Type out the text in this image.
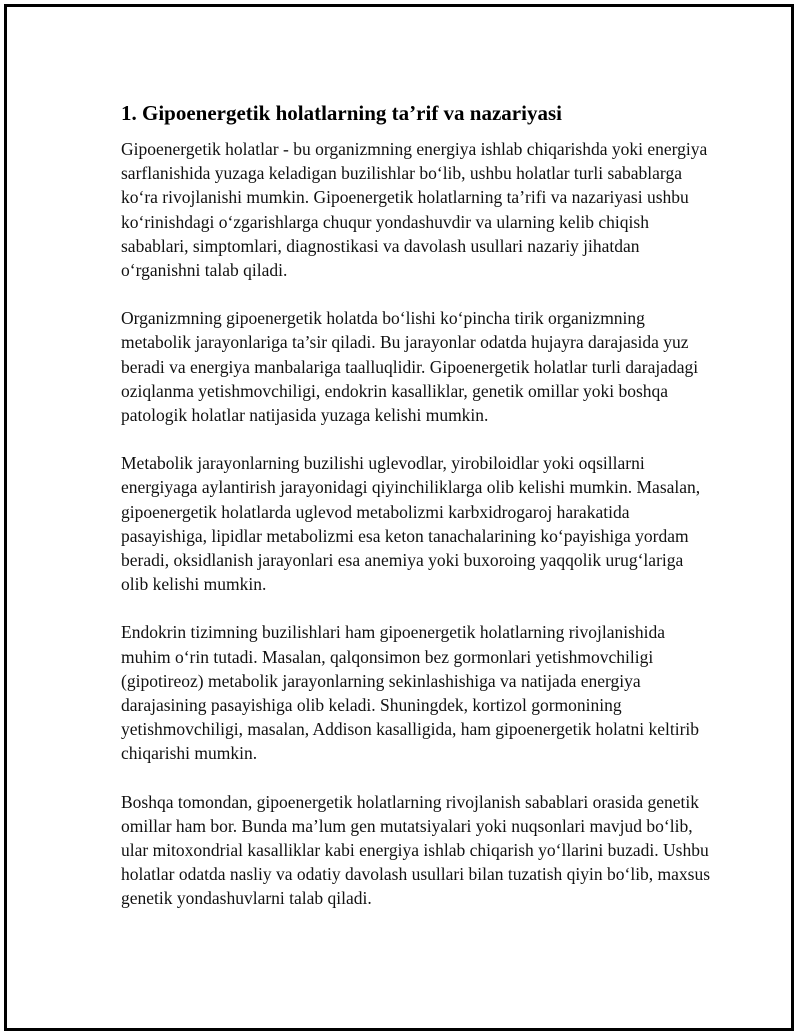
1. Gipoenergetik holatlarning ta’rif va nazariyasi

Gipoenergetik holatlar - bu organizmning energiya ishlab chiqarishda yoki energiya sarflanishida yuzaga keladigan buzilishlar bo‘lib, ushbu holatlar turli sabablarga ko‘ra rivojlanishi mumkin. Gipoenergetik holatlarning ta’rifi va nazariyasi ushbu ko‘rinishdagi o‘zgarishlarga chuqur yondashuvdir va ularning kelib chiqish sabablari, simptomlari, diagnostikasi va davolash usullari nazariy jihatdan o‘rganishni talab qiladi.

Organizmning gipoenergetik holatda bo‘lishi ko‘pincha tirik organizmning metabolik jarayonlariga ta’sir qiladi. Bu jarayonlar odatda hujayra darajasida yuz beradi va energiya manbalariga taalluqlidir. Gipoenergetik holatlar turli darajadagi oziqlanma yetishmovchiligi, endokrin kasalliklar, genetik omillar yoki boshqa patologik holatlar natijasida yuzaga kelishi mumkin.

Metabolik jarayonlarning buzilishi uglevodlar, yirobiloidlar yoki oqsillarni energiyaga aylantirish jarayonidagi qiyinchiliklarga olib kelishi mumkin. Masalan, gipoenergetik holatlarda uglevod metabolizmi karbxidrogaroj harakatida pasayishiga, lipidlar metabolizmi esa keton tanachalarining ko‘payishiga yordam beradi, oksidlanish jarayonlari esa anemiya yoki buxoroing yaqqolik urug‘lariga olib kelishi mumkin.

Endokrin tizimning buzilishlari ham gipoenergetik holatlarning rivojlanishida muhim o‘rin tutadi. Masalan, qalqonsimon bez gormonlari yetishmovchiligi (gipotireoz) metabolik jarayonlarning sekinlashishiga va natijada energiya darajasining pasayishiga olib keladi. Shuningdek, kortizol gormonining yetishmovchiligi, masalan, Addison kasalligida, ham gipoenergetik holatni keltirib chiqarishi mumkin.

Boshqa tomondan, gipoenergetik holatlarning rivojlanish sabablari orasida genetik omillar ham bor. Bunda ma’lum gen mutatsiyalari yoki nuqsonlari mavjud bo‘lib, ular mitoxondrial kasalliklar kabi energiya ishlab chiqarish yo‘llarini buzadi. Ushbu holatlar odatda nasliy va odatiy davolash usullari bilan tuzatish qiyin bo‘lib, maxsus genetik yondashuvlarni talab qiladi.
